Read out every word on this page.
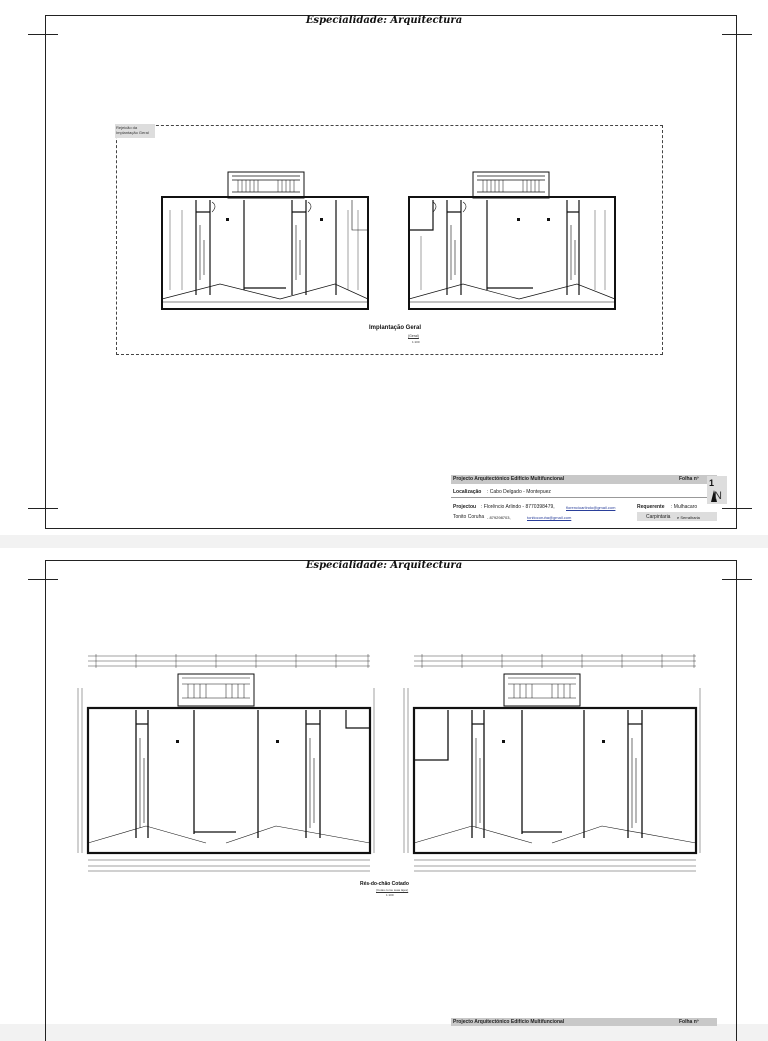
Especialidade: Arquitectura
Rejeicão da
Implantação Geral
Implantação Geral
(Geral)
1:100
Projecto Arquitectónico Edifício Multifuncional	Folha nº
Localização : Cabo Delgado - Montepuez
Projectou : Florêncio Arlindo - 8770398479,	florencioarlindo@gmail.com	Requerente : Mulhacaro
Tonito Coruha - 879298703,	tonitocoruha@gmail.com	Carpintaria e Serralharia
1
N
Especialidade: Arquitectura
Rés-do-chão Cotado
(Cotas comu suas lajes)
1:100
Projecto Arquitectónico Edifício Multifuncional	Folha nº
